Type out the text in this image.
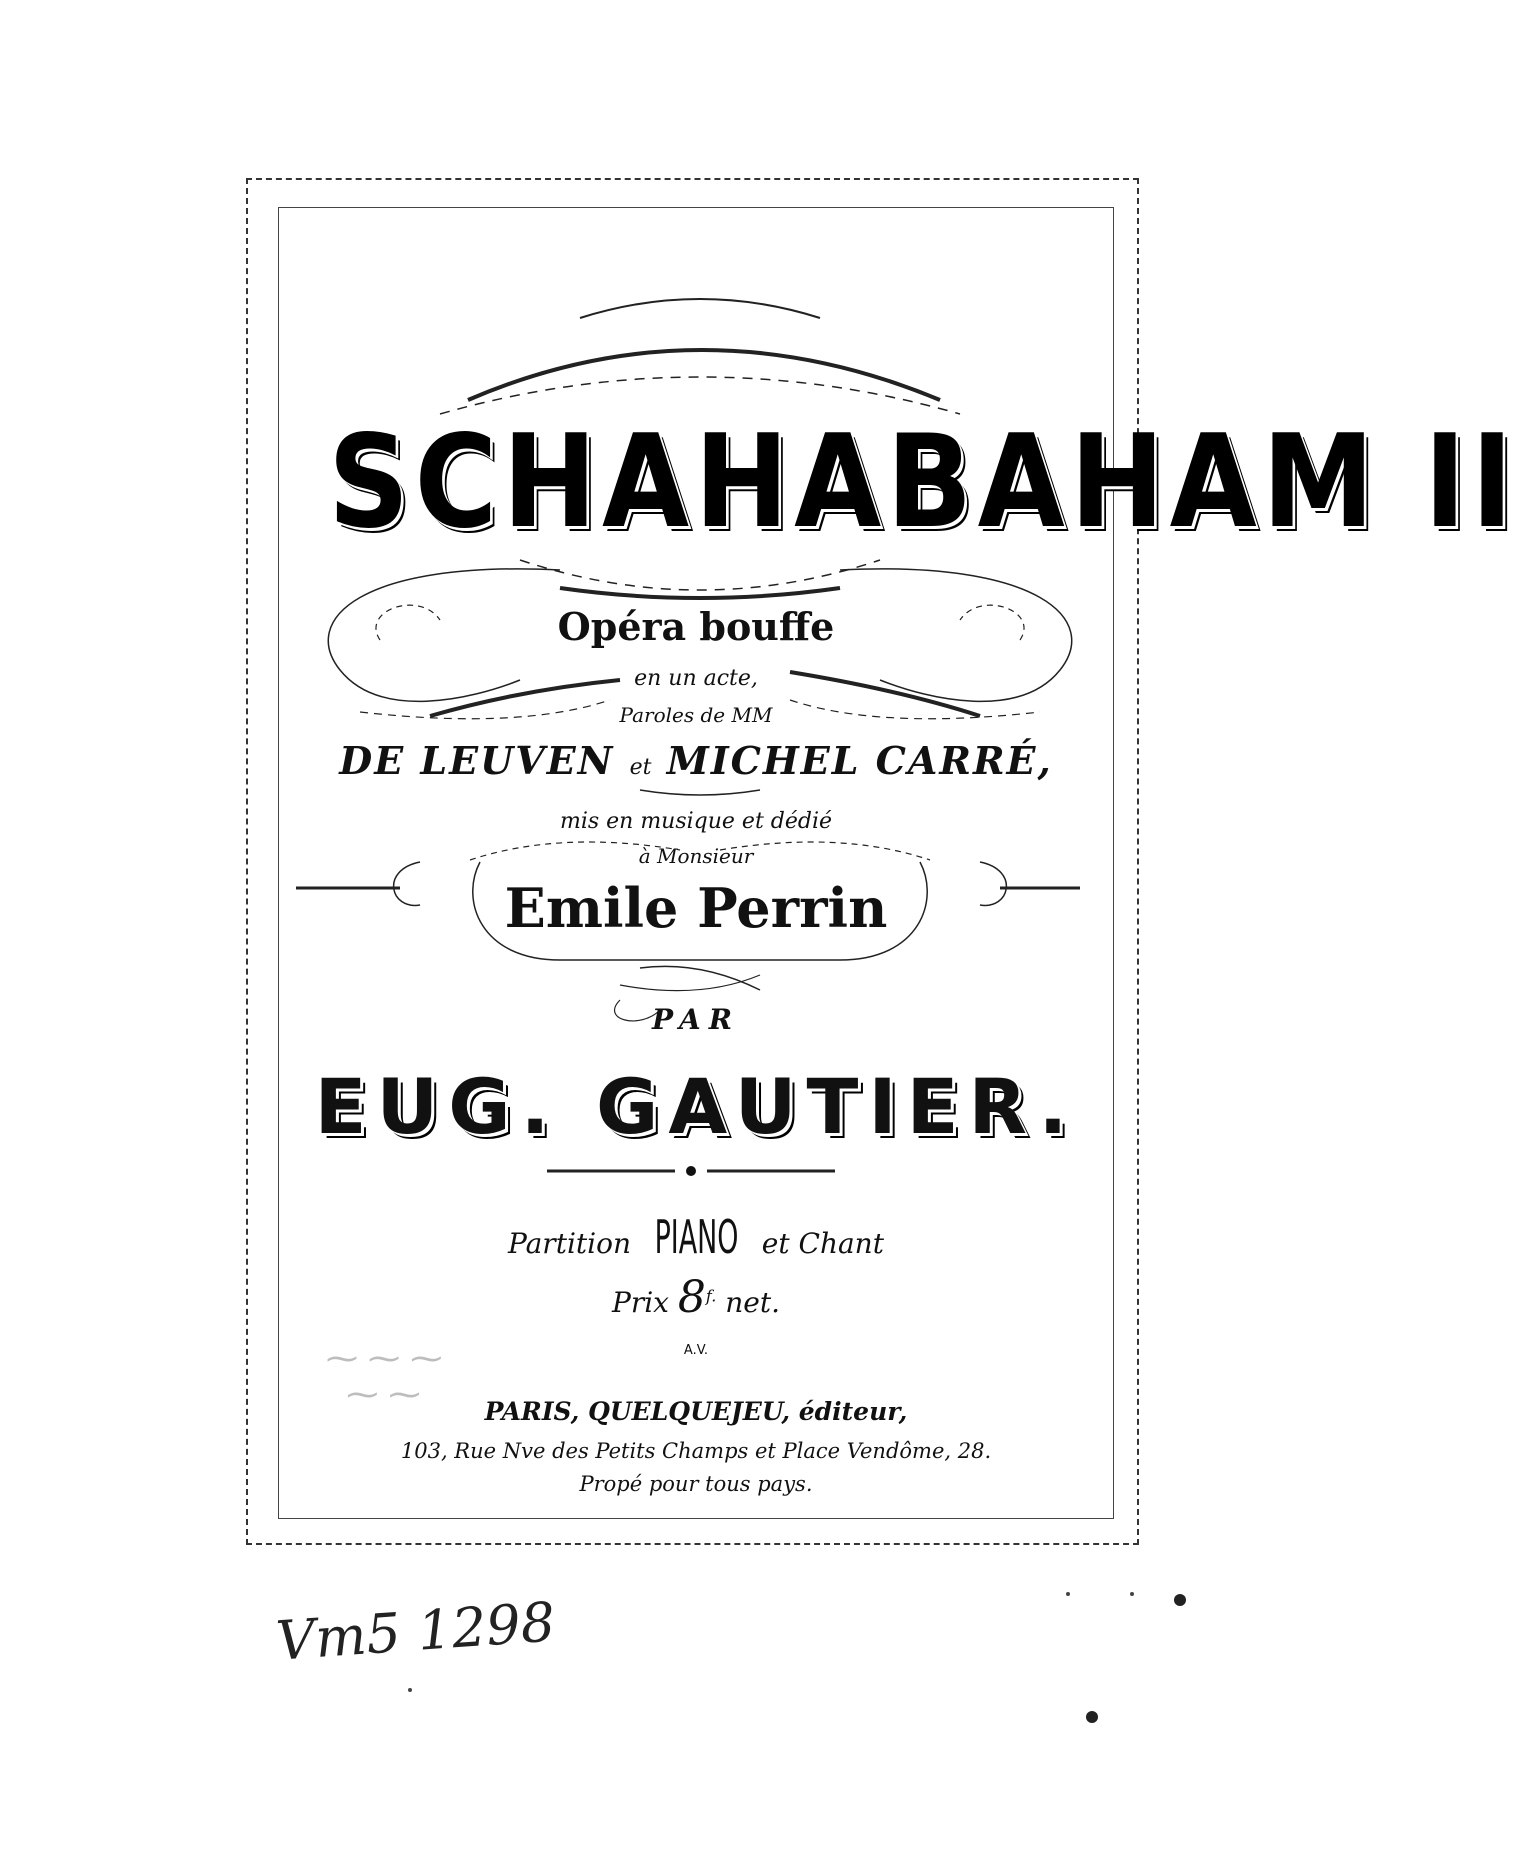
SCHAHABAHAM II
Opéra bouffe
en un acte,
Paroles de MM
DE LEUVEN et MICHEL CARRÉ,
mis en musique et dédié
à Monsieur
Emile Perrin
PAR
EUG. GAUTIER.
Partition PIANO et Chant
Prix $8^{f.}$ net.
A.V.
PARIS, QUELQUEJEU, éditeur,
103, Rue Nve des Petits Champs et Place Vendôme, 28.
Propé pour tous pays.
⁓ ⁓ ⁓
⁓ ⁓
Vm5 1298
